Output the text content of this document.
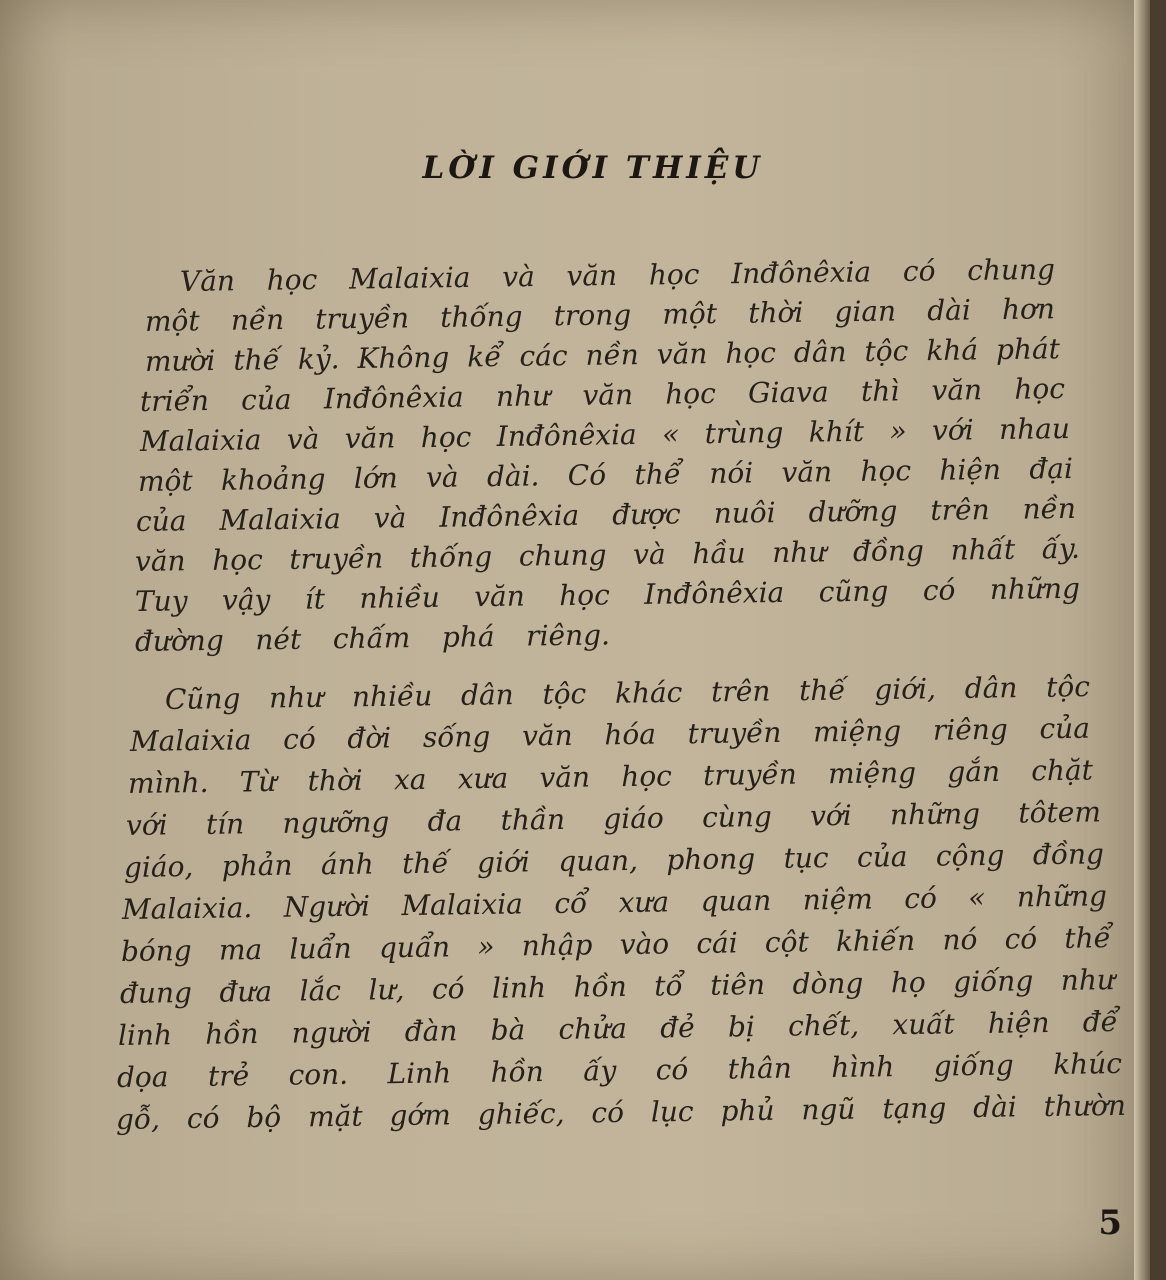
LỜI GIỚI THIỆU
Văn học Malaixia và văn học Inđônêxia có chung
một nền truyền thống trong một thời gian dài hơn
mười thế kỷ. Không kể các nền văn học dân tộc khá phát
triển của Inđônêxia như văn học Giava thì văn học
Malaixia và văn học Inđônêxia « trùng khít » với nhau
một khoảng lớn và dài. Có thể nói văn học hiện đại
của Malaixia và Inđônêxia được nuôi dưỡng trên nền
văn học truyền thống chung và hầu như đồng nhất ấy.
Tuy vậy ít nhiều văn học Inđônêxia cũng có những
đường nét chấm phá riêng.
Cũng như nhiều dân tộc khác trên thế giới, dân tộc
Malaixia có đời sống văn hóa truyền miệng riêng của
mình. Từ thời xa xưa văn học truyền miệng gắn chặt
với tín ngưỡng đa thần giáo cùng với những tôtem
giáo, phản ánh thế giới quan, phong tục của cộng đồng
Malaixia. Người Malaixia cổ xưa quan niệm có « những
bóng ma luẩn quẩn » nhập vào cái cột khiến nó có thể
đung đưa lắc lư, có linh hồn tổ tiên dòng họ giống như
linh hồn người đàn bà chửa đẻ bị chết, xuất hiện để
dọa trẻ con. Linh hồn ấy có thân hình giống khúc
gỗ, có bộ mặt gớm ghiếc, có lục phủ ngũ tạng dài thườn
5
